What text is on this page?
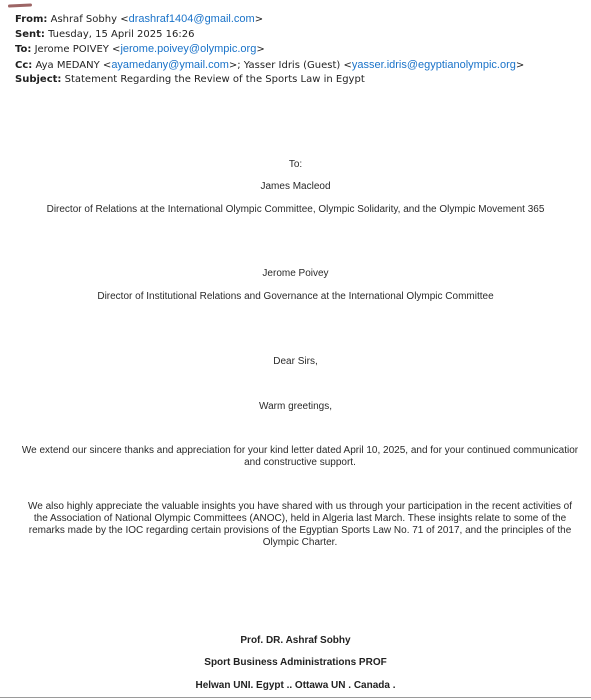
From: Ashraf Sobhy <drashraf1404@gmail.com>
Sent: Tuesday, 15 April 2025 16:26
To: Jerome POIVEY <jerome.poivey@olympic.org>
Cc: Aya MEDANY <ayamedany@ymail.com>; Yasser Idris (Guest) <yasser.idris@egyptianolympic.org>
Subject: Statement Regarding the Review of the Sports Law in Egypt
To:
James Macleod
Director of Relations at the International Olympic Committee, Olympic Solidarity, and the Olympic Movement 365
Jerome Poivey
Director of Institutional Relations and Governance at the International Olympic Committee
Dear Sirs,
Warm greetings,
We extend our sincere thanks and appreciation for your kind letter dated April 10, 2025, and for your continued communicatior
and constructive support.
We also highly appreciate the valuable insights you have shared with us through your participation in the recent activities of
the Association of National Olympic Committees (ANOC), held in Algeria last March. These insights relate to some of the
remarks made by the IOC regarding certain provisions of the Egyptian Sports Law No. 71 of 2017, and the principles of the
Olympic Charter.
Prof. DR. Ashraf Sobhy
Sport Business Administrations PROF
Helwan UNI. Egypt .. Ottawa UN . Canada .
